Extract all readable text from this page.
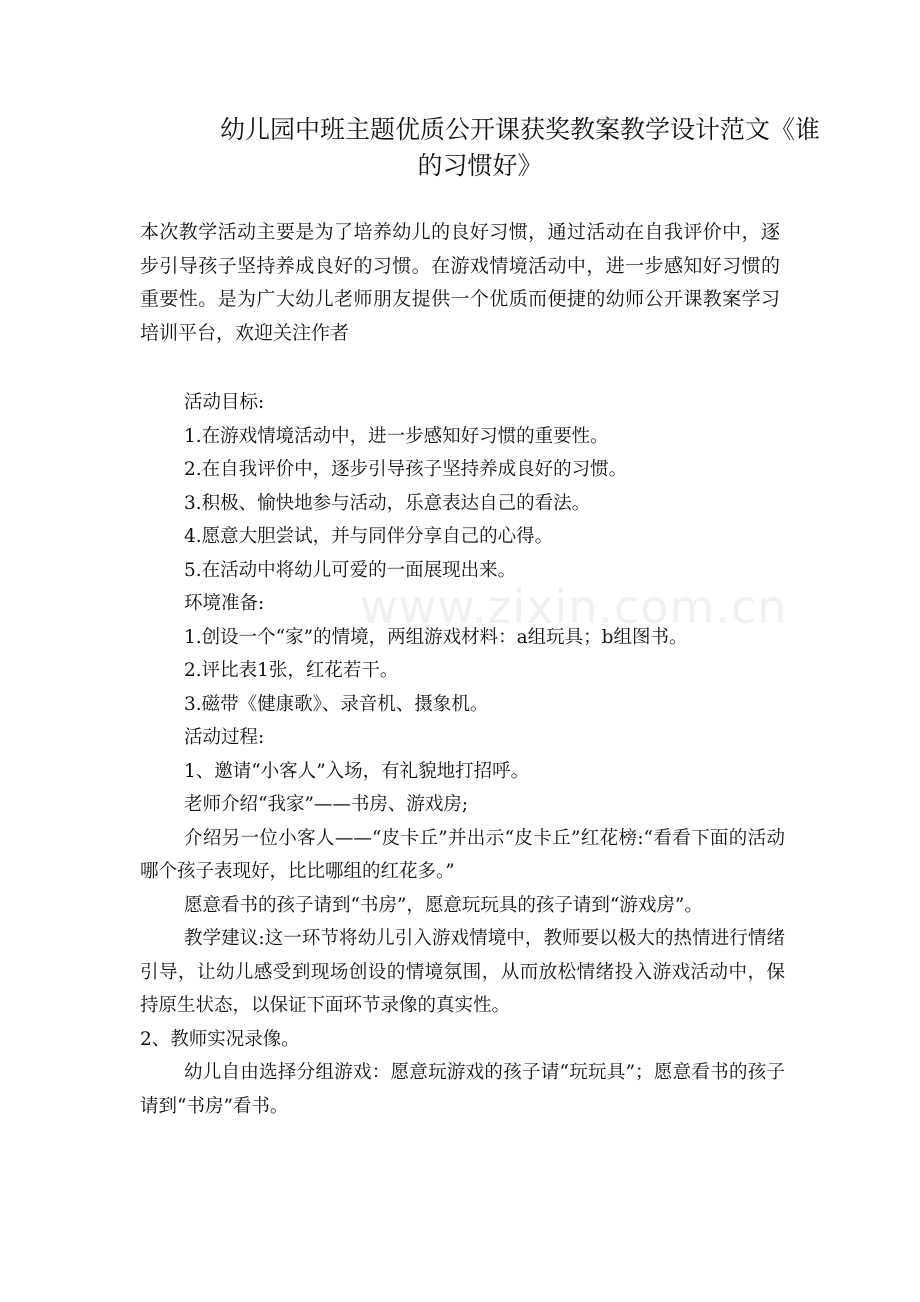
幼儿园中班主题优质公开课获奖教案教学设计范文《谁
的习惯好》

本次教学活动主要是为了培养幼儿的良好习惯，通过活动在自我评价中，逐步引导孩子坚持养成良好的习惯。在游戏情境活动中，进一步感知好习惯的重要性。是为广大幼儿老师朋友提供一个优质而便捷的幼师公开课教案学习培训平台，欢迎关注作者

活动目标:

1.在游戏情境活动中，进一步感知好习惯的重要性。

2.在自我评价中，逐步引导孩子坚持养成良好的习惯。

3.积极、愉快地参与活动，乐意表达自己的看法。

4.愿意大胆尝试，并与同伴分享自己的心得。

5.在活动中将幼儿可爱的一面展现出来。

环境准备:

1.创设一个“家”的情境，两组游戏材料：a组玩具；b组图书。

2.评比表1张，红花若干。

3.磁带《健康歌》、录音机、摄象机。

活动过程:

1、邀请“小客人”入场，有礼貌地打招呼。

老师介绍“我家”——书房、游戏房;

介绍另一位小客人——“皮卡丘”并出示“皮卡丘”红花榜:“看看下面的活动哪个孩子表现好，比比哪组的红花多。”

愿意看书的孩子请到“书房”，愿意玩玩具的孩子请到“游戏房”。

教学建议:这一环节将幼儿引入游戏情境中，教师要以极大的热情进行情绪引导，让幼儿感受到现场创设的情境氛围，从而放松情绪投入游戏活动中，保持原生状态，以保证下面环节录像的真实性。

2、教师实况录像。

幼儿自由选择分组游戏：愿意玩游戏的孩子请“玩玩具”；愿意看书的孩子请到“书房”看书。

www.zixin.com.cn
